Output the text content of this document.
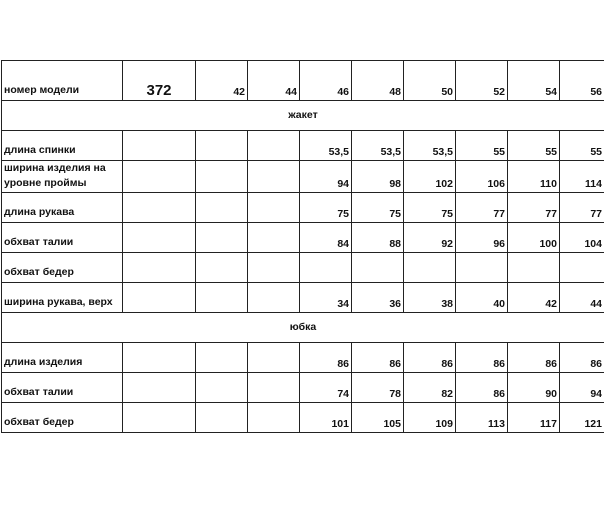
номер модели	372	42	44	46	48	50	52	54	56
жакет									
длина спинки				53,5	53,5	53,5	55	55	55
ширина изделия на уровне проймы				94	98	102	106	110	114
длина рукава				75	75	75	77	77	77
обхват талии				84	88	92	96	100	104
обхват бедер									
ширина рукава, верх				34	36	38	40	42	44
юбка									
длина изделия				86	86	86	86	86	86
обхват талии				74	78	82	86	90	94
обхват бедер				101	105	109	113	117	121
